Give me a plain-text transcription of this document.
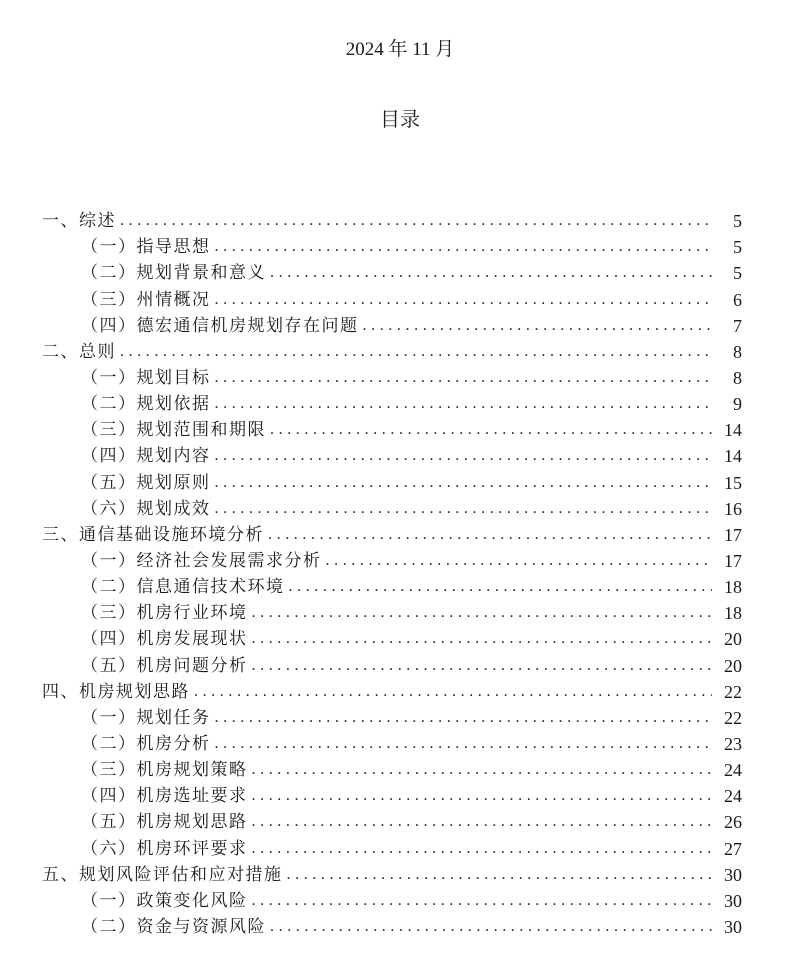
2024 年 11 月
目录
一、综述 .....	5
（一）指导思想 .....	5
（二）规划背景和意义 .....	5
（三）州情概况 .....	6
（四）德宏通信机房规划存在问题 .....	7
二、总则 .....	8
（一）规划目标 .....	8
（二）规划依据 .....	9
（三）规划范围和期限 .....	14
（四）规划内容 .....	14
（五）规划原则 .....	15
（六）规划成效 .....	16
三、通信基础设施环境分析 .....	17
（一）经济社会发展需求分析 .....	17
（二）信息通信技术环境 .....	18
（三）机房行业环境 .....	18
（四）机房发展现状 .....	20
（五）机房问题分析 .....	20
四、机房规划思路 .....	22
（一）规划任务 .....	22
（二）机房分析 .....	23
（三）机房规划策略 .....	24
（四）机房选址要求 .....	24
（五）机房规划思路 .....	26
（六）机房环评要求 .....	27
五、规划风险评估和应对措施 .....	30
（一）政策变化风险 .....	30
（二）资金与资源风险 .....	30
